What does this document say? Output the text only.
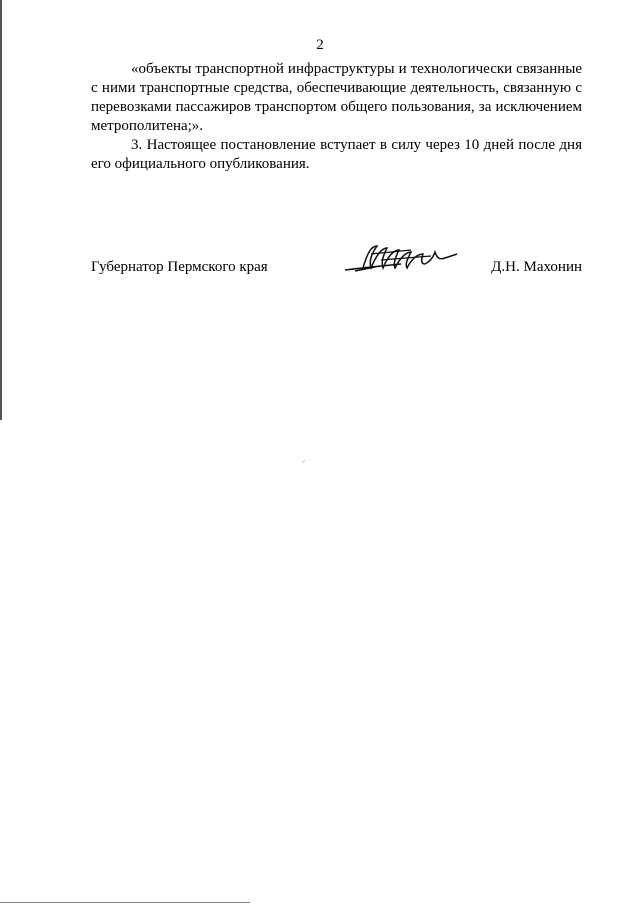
2

«объекты транспортной инфраструктуры и технологически связанные с ними транспортные средства, обеспечивающие деятельность, связанную с перевозками пассажиров транспортом общего пользования, за исключением метрополитена;».

3. Настоящее постановление вступает в силу через 10 дней после дня его официального опубликования.

Губернатор Пермского края	Д.Н. Махонин
